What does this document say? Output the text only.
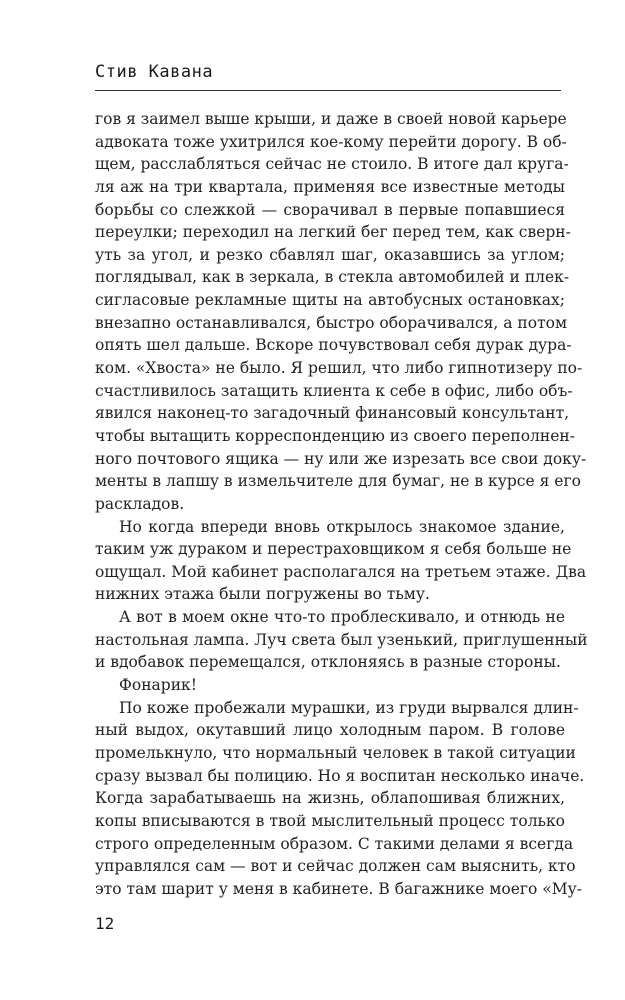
Стив Кавана

гов я заимел выше крыши, и даже в своей новой карьере
адвоката тоже ухитрился кое-кому перейти дорогу. В об-
щем, расслабляться сейчас не стоило. В итоге дал круга-
ля аж на три квартала, применяя все известные методы
борьбы со слежкой — сворачивал в первые попавшиеся
переулки; переходил на легкий бег перед тем, как сверн-
уть за угол, и резко сбавлял шаг, оказавшись за углом;
поглядывал, как в зеркала, в стекла автомобилей и плек-
сигласовые рекламные щиты на автобусных остановках;
внезапно останавливался, быстро оборачивался, а потом
опять шел дальше. Вскоре почувствовал себя дурак дура-
ком. «Хвоста» не было. Я решил, что либо гипнотизеру по-
счастливилось затащить клиента к себе в офис, либо объ-
явился наконец-то загадочный финансовый консультант,
чтобы вытащить корреспонденцию из своего переполнен-
ного почтового ящика — ну или же изрезать все свои доку-
менты в лапшу в измельчителе для бумаг, не в курсе я его
раскладов.

Но когда впереди вновь открылось знакомое здание,
таким уж дураком и перестраховщиком я себя больше не
ощущал. Мой кабинет располагался на третьем этаже. Два
нижних этажа были погружены во тьму.

А вот в моем окне что-то проблескивало, и отнюдь не
настольная лампа. Луч света был узенький, приглушенный
и вдобавок перемещался, отклоняясь в разные стороны.

Фонарик!

По коже пробежали мурашки, из груди вырвался длин-
ный выдох, окутавший лицо холодным паром. В голове
промелькнуло, что нормальный человек в такой ситуации
сразу вызвал бы полицию. Но я воспитан несколько иначе.
Когда зарабатываешь на жизнь, облапошивая ближних,
копы вписываются в твой мыслительный процесс только
строго определенным образом. С такими делами я всегда
управлялся сам — вот и сейчас должен сам выяснить, кто
это там шарит у меня в кабинете. В багажнике моего «Му-

12
